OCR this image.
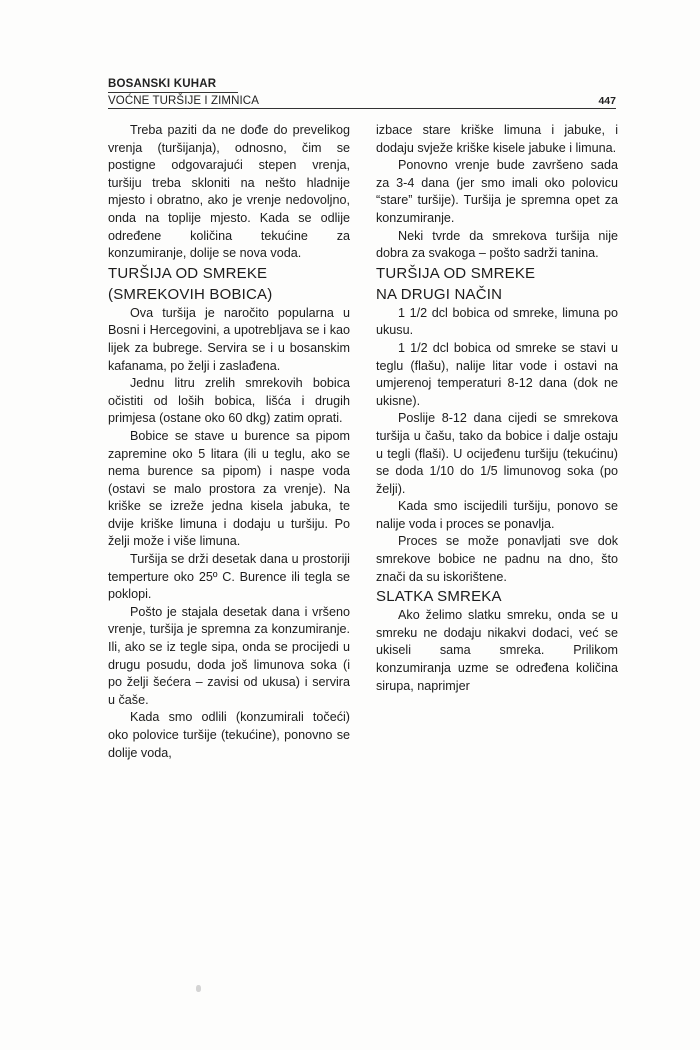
BOSANSKI KUHAR
VOĆNE TURŠIJE I ZIMNICA	447

Treba paziti da ne dođe do prevelikog vrenja (turšijanja), odnosno, čim se postigne odgovarajući stepen vrenja, turšiju treba skloniti na nešto hladnije mjesto i obratno, ako je vrenje nedovoljno, onda na toplije mjesto. Kada se odlije određene količina tekućine za konzumiranje, dolije se nova voda.

TURŠIJA OD SMREKE
(SMREKOVIH BOBICA)

Ova turšija je naročito popularna u Bosni i Hercegovini, a upotrebljava se i kao lijek za bubrege. Servira se i u bosanskim kafanama, po želji i zaslađena.

Jednu litru zrelih smrekovih bobica očistiti od loših bobica, lišća i drugih primjesa (ostane oko 60 dkg) zatim oprati.

Bobice se stave u burence sa pipom zapremine oko 5 litara (ili u teglu, ako se nema burence sa pipom) i naspe voda (ostavi se malo prostora za vrenje). Na kriške se izreže jedna kisela jabuka, te dvije kriške limuna i dodaju u turšiju. Po želji može i više limuna.

Turšija se drži desetak dana u prostoriji temperture oko 25º C. Burence ili tegla se poklopi.

Pošto je stajala desetak dana i vršeno vrenje, turšija je spremna za konzumiranje. Ili, ako se iz tegle sipa, onda se procijedi u drugu posudu, doda još limunova soka (i po želji šećera – zavisi od ukusa) i servira u čaše.

Kada smo odlili (konzumirali točeći) oko polovice turšije (tekućine), ponovno se dolije voda,

izbace stare kriške limuna i jabuke, i dodaju svježe kriške kisele jabuke i limuna.

Ponovno vrenje bude završeno sada za 3-4 dana (jer smo imali oko polovicu “stare” turšije). Turšija je spremna opet za konzumiranje.

Neki tvrde da smrekova turšija nije dobra za svakoga – pošto sadrži tanina.

TURŠIJA OD SMREKE
NA DRUGI NAČIN

1 1/2 dcl bobica od smreke, limuna po ukusu.

1 1/2 dcl bobica od smreke se stavi u teglu (flašu), nalije litar vode i ostavi na umjerenoj temperaturi 8-12 dana (dok ne ukisne).

Poslije 8-12 dana cijedi se smrekova turšija u čašu, tako da bobice i dalje ostaju u tegli (flaši). U ocijeđenu turšiju (tekućinu) se doda 1/10 do 1/5 limunovog soka (po želji).

Kada smo iscijedili turšiju, ponovo se nalije voda i proces se ponavlja.

Proces se može ponavljati sve dok smrekove bobice ne padnu na dno, što znači da su iskorištene.

SLATKA SMREKA

Ako želimo slatku smreku, onda se u smreku ne dodaju nikakvi dodaci, već se ukiseli sama smreka. Prilikom konzumiranja uzme se određena količina sirupa, naprimjer
